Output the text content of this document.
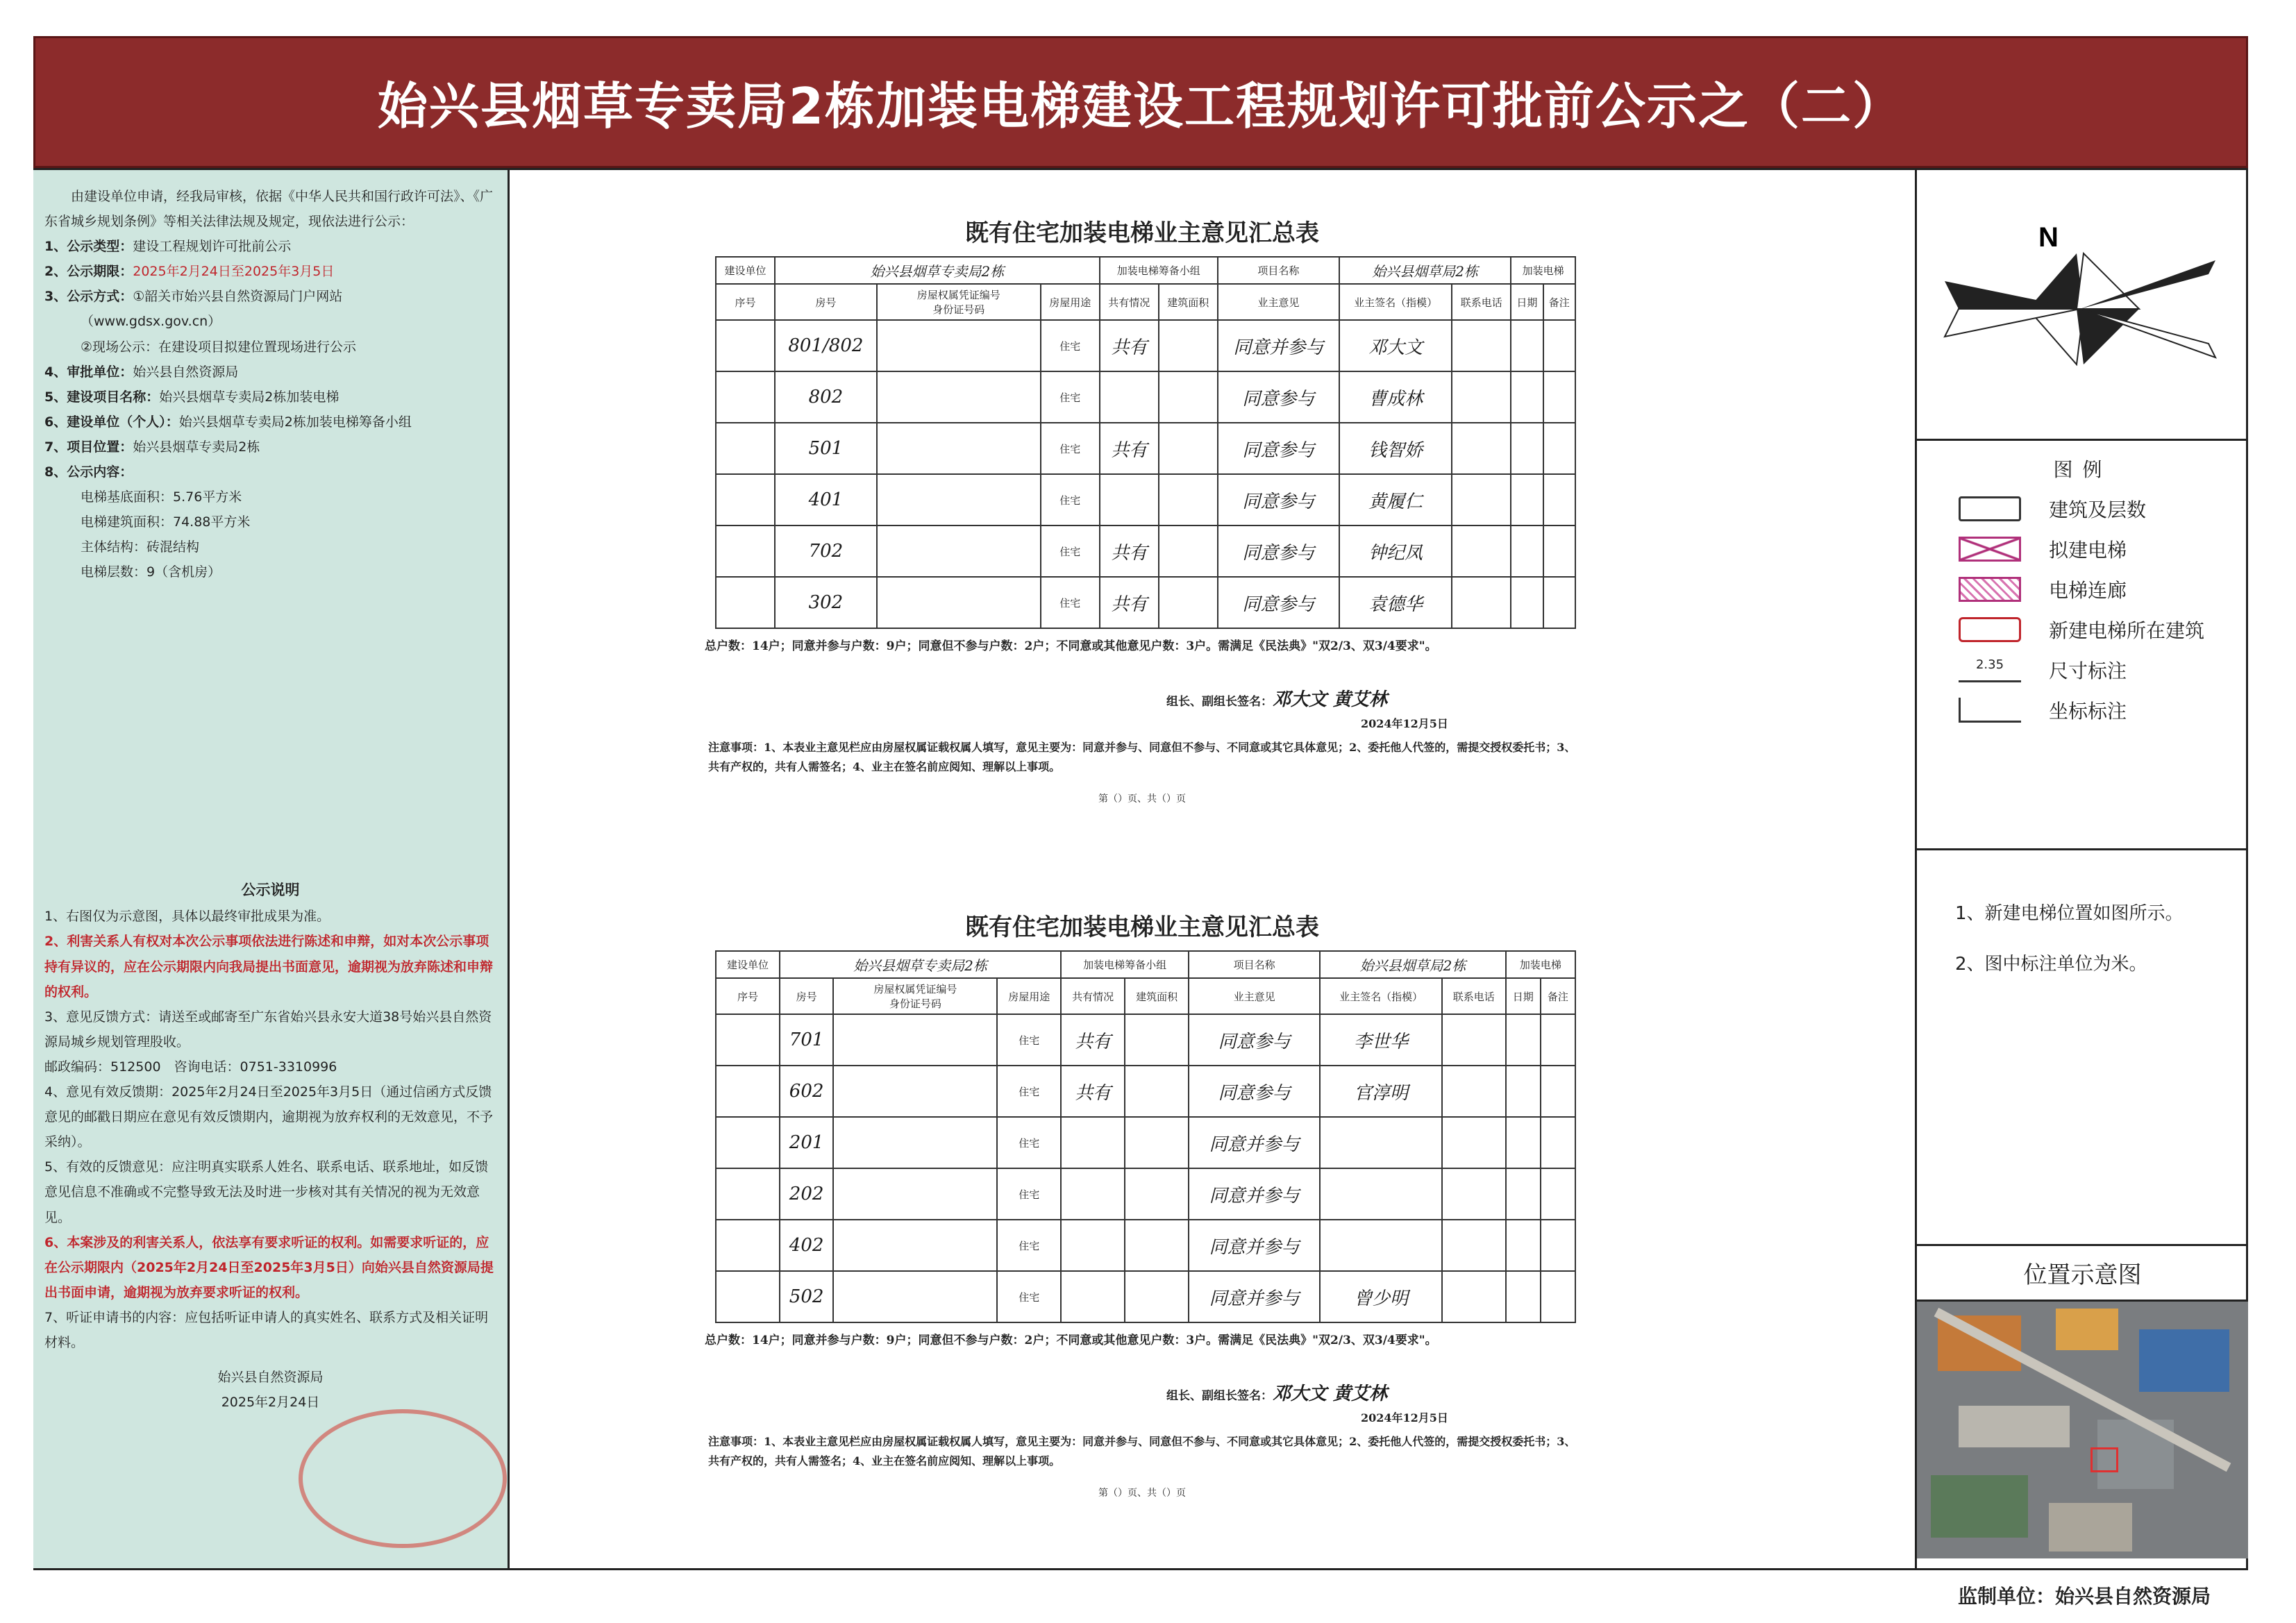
始兴县烟草专卖局2栋加装电梯建设工程规划许可批前公示之（二）

由建设单位申请，经我局审核，依据《中华人民共和国行政许可法》、《广东省城乡规划条例》等相关法律法规及规定，现依法进行公示：

1、公示类型：建设工程规划许可批前公示

2、公示期限：2025年2月24日至2025年3月5日

3、公示方式：①韶关市始兴县自然资源局门户网站

（www.gdsx.gov.cn）

②现场公示：在建设项目拟建位置现场进行公示

4、审批单位：始兴县自然资源局

5、建设项目名称：始兴县烟草专卖局2栋加装电梯

6、建设单位（个人）：始兴县烟草专卖局2栋加装电梯筹备小组

7、项目位置：始兴县烟草专卖局2栋

8、公示内容：

电梯基底面积：5.76平方米

电梯建筑面积：74.88平方米

主体结构：砖混结构

电梯层数：9（含机房）

公示说明

1、右图仅为示意图，具体以最终审批成果为准。

2、利害关系人有权对本次公示事项依法进行陈述和申辩，如对本次公示事项持有异议的，应在公示期限内向我局提出书面意见，逾期视为放弃陈述和申辩的权利。

3、意见反馈方式：请送至或邮寄至广东省始兴县永安大道38号始兴县自然资源局城乡规划管理股收。

邮政编码：512500　咨询电话：0751-3310996

4、意见有效反馈期：2025年2月24日至2025年3月5日（通过信函方式反馈意见的邮戳日期应在意见有效反馈期内，逾期视为放弃权利的无效意见，不予采纳）。

5、有效的反馈意见：应注明真实联系人姓名、联系电话、联系地址，如反馈意见信息不准确或不完整导致无法及时进一步核对其有关情况的视为无效意见。

6、本案涉及的利害关系人，依法享有要求听证的权利。如需要求听证的，应在公示期限内（2025年2月24日至2025年3月5日）向始兴县自然资源局提出书面申请，逾期视为放弃要求听证的权利。

7、听证申请书的内容：应包括听证申请人的真实姓名、联系方式及相关证明材料。

始兴县自然资源局

2025年2月24日

既有住宅加装电梯业主意见汇总表
建设单位	始兴县烟草专卖局2栋			加装电梯筹备小组		项目名称	始兴县烟草局2栋		加装电梯	
序号	房号	房屋权属凭证编号
身份证号码	房屋用途	共有情况	建筑面积	业主意见	业主签名（指模）	联系电话	日期	备注
	801/802		住宅	共有		同意并参与	邓大文			
	802		住宅			同意参与	曹成林			
	501		住宅	共有		同意参与	钱智娇			
	401		住宅			同意参与	黄履仁			
	702		住宅	共有		同意参与	钟纪凤			
	302		住宅	共有		同意参与	袁德华			
总户数：14户；同意并参与户数：9户；同意但不参与户数：2户；不同意或其他意见户数：3户。需满足《民法典》"双2/3、双3/4要求"。
组长、副组长签名：邓大文 黄艾林
2024年12月5日
注意事项：1、本表业主意见栏应由房屋权属证载权属人填写，意见主要为：同意并参与、同意但不参与、不同意或其它具体意见；2、委托他人代签的，需提交授权委托书；3、共有产权的，共有人需签名；4、业主在签名前应阅知、理解以上事项。
第（）页、共（）页
既有住宅加装电梯业主意见汇总表
建设单位	始兴县烟草专卖局2栋			加装电梯筹备小组		项目名称	始兴县烟草局2栋		加装电梯	
序号	房号	房屋权属凭证编号
身份证号码	房屋用途	共有情况	建筑面积	业主意见	业主签名（指模）	联系电话	日期	备注
	701		住宅	共有		同意参与	李世华			
	602		住宅	共有		同意参与	官淳明			
	201		住宅			同意并参与				
	202		住宅			同意并参与				
	402		住宅			同意并参与				
	502		住宅			同意并参与	曾少明			
总户数：14户；同意并参与户数：9户；同意但不参与户数：2户；不同意或其他意见户数：3户。需满足《民法典》"双2/3、双3/4要求"。
组长、副组长签名：邓大文 黄艾林
2024年12月5日
注意事项：1、本表业主意见栏应由房屋权属证载权属人填写，意见主要为：同意并参与、同意但不参与、不同意或其它具体意见；2、委托他人代签的，需提交授权委托书；3、共有产权的，共有人需签名；4、业主在签名前应阅知、理解以上事项。
第（）页、共（）页
N
图例
建筑及层数
拟建电梯
电梯连廊
新建电梯所在建筑
2.35	尺寸标注
坐标标注
1、新建电梯位置如图所示。
2、图中标注单位为米。
位置示意图
监制单位：始兴县自然资源局
